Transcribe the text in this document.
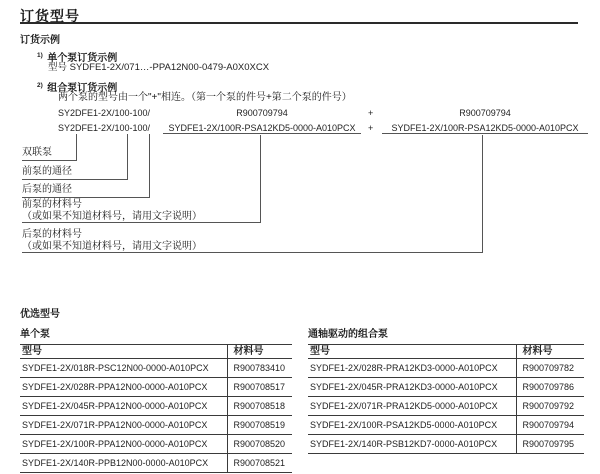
订货型号
订货示例
$^{1)}$ 单个泵订货示例
型号 SYDFE1-2X/071…-PPA12N00-0479-A0X0XCX
$^{2)}$ 组合泵订货示例
两个泵的型号由一个"+"相连。（第一个泵的件号+第二个泵的件号）
SY2DFE1-2X/100-100/	R900709794	+	R900709794
SY2DFE1-2X/100-100/	SYDFE1-2X/100R-PSA12KD5-0000-A010PCX	+	SYDFE1-2X/100R-PSA12KD5-0000-A010PCX
双联泵
前泵的通径
后泵的通径
前泵的材料号
（或如果不知道材料号，请用文字说明）
后泵的材料号
（或如果不知道材料号，请用文字说明）
优选型号
单个泵	通轴驱动的组合泵
型号	材料号
SYDFE1-2X/018R-PSC12N00-0000-A010PCX	R900783410
SYDFE1-2X/028R-PPA12N00-0000-A010PCX	R900708517
SYDFE1-2X/045R-PPA12N00-0000-A010PCX	R900708518
SYDFE1-2X/071R-PPA12N00-0000-A010PCX	R900708519
SYDFE1-2X/100R-PPA12N00-0000-A010PCX	R900708520
SYDFE1-2X/140R-PPB12N00-0000-A010PCX	R900708521
型号	材料号
SYDFE1-2X/028R-PRA12KD3-0000-A010PCX	R900709782
SYDFE1-2X/045R-PRA12KD3-0000-A010PCX	R900709786
SYDFE1-2X/071R-PRA12KD5-0000-A010PCX	R900709792
SYDFE1-2X/100R-PSA12KD5-0000-A010PCX	R900709794
SYDFE1-2X/140R-PSB12KD7-0000-A010PCX	R900709795
